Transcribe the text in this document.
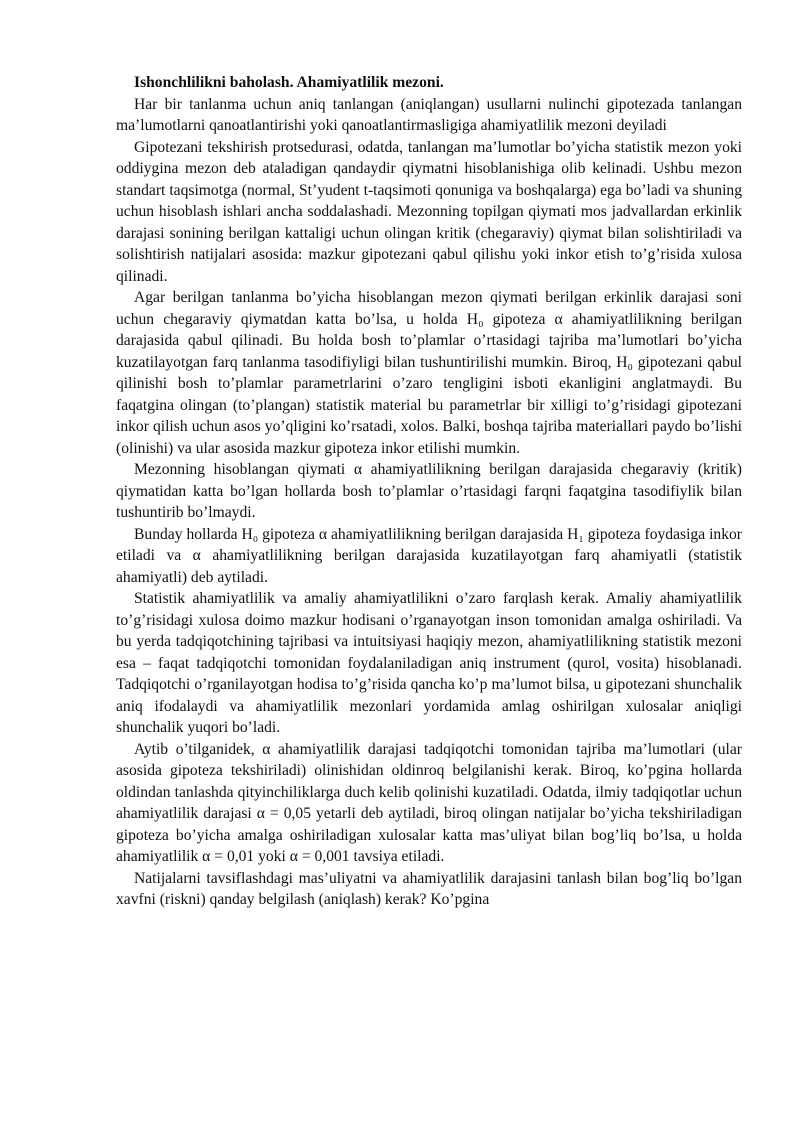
Ishonchlilikni baholash. Ahamiyatlilik mezoni.

Har bir tanlanma uchun aniq tanlangan (aniqlangan) usullarni nulinchi gipotezada tanlangan ma’lumotlarni qanoatlantirishi yoki qanoatlantirmasligiga ahamiyatlilik mezoni deyiladi

Gipotezani tekshirish protsedurasi, odatda, tanlangan ma’lumotlar bo’yicha statistik mezon yoki oddiygina mezon deb ataladigan qandaydir qiymatni hisoblanishiga olib kelinadi. Ushbu mezon standart taqsimotga (normal, St’yudent t-taqsimoti qonuniga va boshqalarga) ega bo’ladi va shuning uchun hisoblash ishlari ancha soddalashadi. Mezonning topilgan qiymati mos jadvallardan erkinlik darajasi sonining berilgan kattaligi uchun olingan kritik (chegaraviy) qiymat bilan solishtiriladi va solishtirish natijalari asosida: mazkur gipotezani qabul qilishu yoki inkor etish to’g’risida xulosa qilinadi.

Agar berilgan tanlanma bo’yicha hisoblangan mezon qiymati berilgan erkinlik darajasi soni uchun chegaraviy qiymatdan katta bo’lsa, u holda H₀ gipoteza α ahamiyatlilikning berilgan darajasida qabul qilinadi. Bu holda bosh to’plamlar o’rtasidagi tajriba ma’lumotlari bo’yicha kuzatilayotgan farq tanlanma tasodifiyligi bilan tushuntirilishi mumkin. Biroq, H₀ gipotezani qabul qilinishi bosh to’plamlar parametrlarini o’zaro tengligini isboti ekanligini anglatmaydi. Bu faqatgina olingan (to’plangan) statistik material bu parametrlar bir xilligi to’g’risidagi gipotezani inkor qilish uchun asos yo’qligini ko’rsatadi, xolos. Balki, boshqa tajriba materiallari paydo bo’lishi (olinishi) va ular asosida mazkur gipoteza inkor etilishi mumkin.

Mezonning hisoblangan qiymati α ahamiyatlilikning berilgan darajasida chegaraviy (kritik) qiymatidan katta bo’lgan hollarda bosh to’plamlar o’rtasidagi farqni faqatgina tasodifiylik bilan tushuntirib bo’lmaydi.

Bunday hollarda H₀ gipoteza α ahamiyatlilikning berilgan darajasida H₁ gipoteza foydasiga inkor etiladi va α ahamiyatlilikning berilgan darajasida kuzatilayotgan farq ahamiyatli (statistik ahamiyatli) deb aytiladi.

Statistik ahamiyatlilik va amaliy ahamiyatlilikni o’zaro farqlash kerak. Amaliy ahamiyatlilik to’g’risidagi xulosa doimo mazkur hodisani o’rganayotgan inson tomonidan amalga oshiriladi. Va bu yerda tadqiqotchining tajribasi va intuitsiyasi haqiqiy mezon, ahamiyatlilikning statistik mezoni esa – faqat tadqiqotchi tomonidan foydalaniladigan aniq instrument (qurol, vosita) hisoblanadi. Tadqiqotchi o’rganilayotgan hodisa to’g’risida qancha ko’p ma’lumot bilsa, u gipotezani shunchalik aniq ifodalaydi va ahamiyatlilik mezonlari yordamida amlag oshirilgan xulosalar aniqligi shunchalik yuqori bo’ladi.

Aytib o’tilganidek, α ahamiyatlilik darajasi tadqiqotchi tomonidan tajriba ma’lumotlari (ular asosida gipoteza tekshiriladi) olinishidan oldinroq belgilanishi kerak. Biroq, ko’pgina hollarda oldindan tanlashda qityinchiliklarga duch kelib qolinishi kuzatiladi. Odatda, ilmiy tadqiqotlar uchun ahamiyatlilik darajasi α = 0,05 yetarli deb aytiladi, biroq olingan natijalar bo’yicha tekshiriladigan gipoteza bo’yicha amalga oshiriladigan xulosalar katta mas’uliyat bilan bog’liq bo’lsa, u holda ahamiyatlilik α = 0,01 yoki α = 0,001 tavsiya etiladi.

Natijalarni tavsiflashdagi mas’uliyatni va ahamiyatlilik darajasini tanlash bilan bog’liq bo’lgan xavfni (riskni) qanday belgilash (aniqlash) kerak? Ko’pgina
